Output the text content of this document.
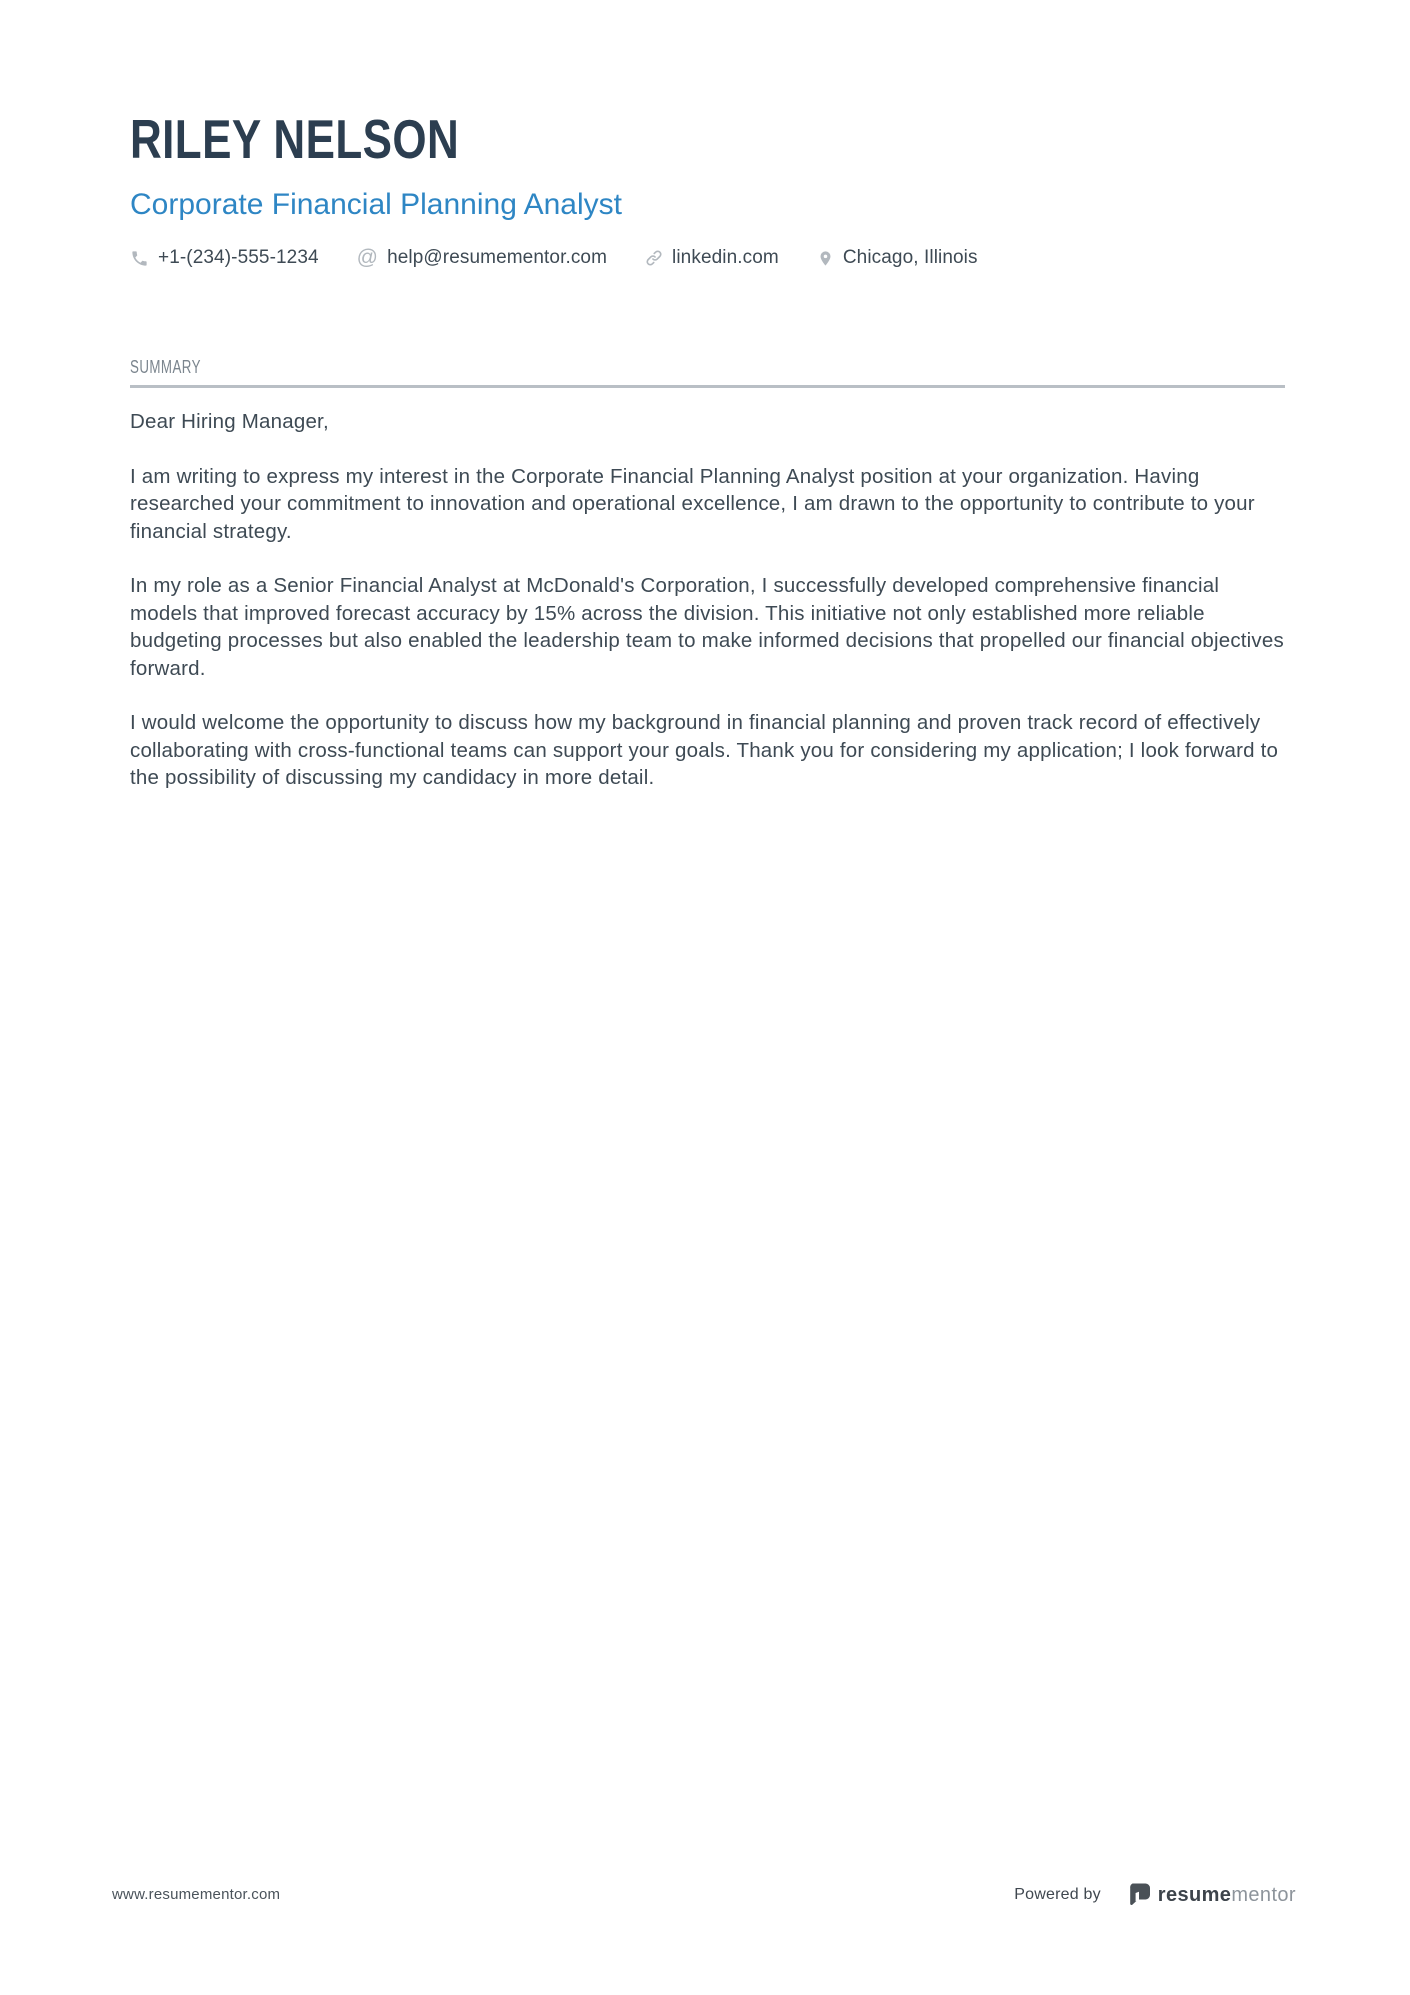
RILEY NELSON
Corporate Financial Planning Analyst
+1-(234)-555-1234 @ help@resumementor.com	linkedin.com	Chicago, Illinois
SUMMARY

Dear Hiring Manager,

I am writing to express my interest in the Corporate Financial Planning Analyst position at your organization. Having researched your commitment to innovation and operational excellence, I am drawn to the opportunity to contribute to your financial strategy.

In my role as a Senior Financial Analyst at McDonald's Corporation, I successfully developed comprehensive financial models that improved forecast accuracy by 15% across the division. This initiative not only established more reliable budgeting processes but also enabled the leadership team to make informed decisions that propelled our financial objectives forward.

I would welcome the opportunity to discuss how my background in financial planning and proven track record of effectively collaborating with cross-functional teams can support your goals. Thank you for considering my application; I look forward to the possibility of discussing my candidacy in more detail.

www.resumementor.com	Powered by	resumementor
